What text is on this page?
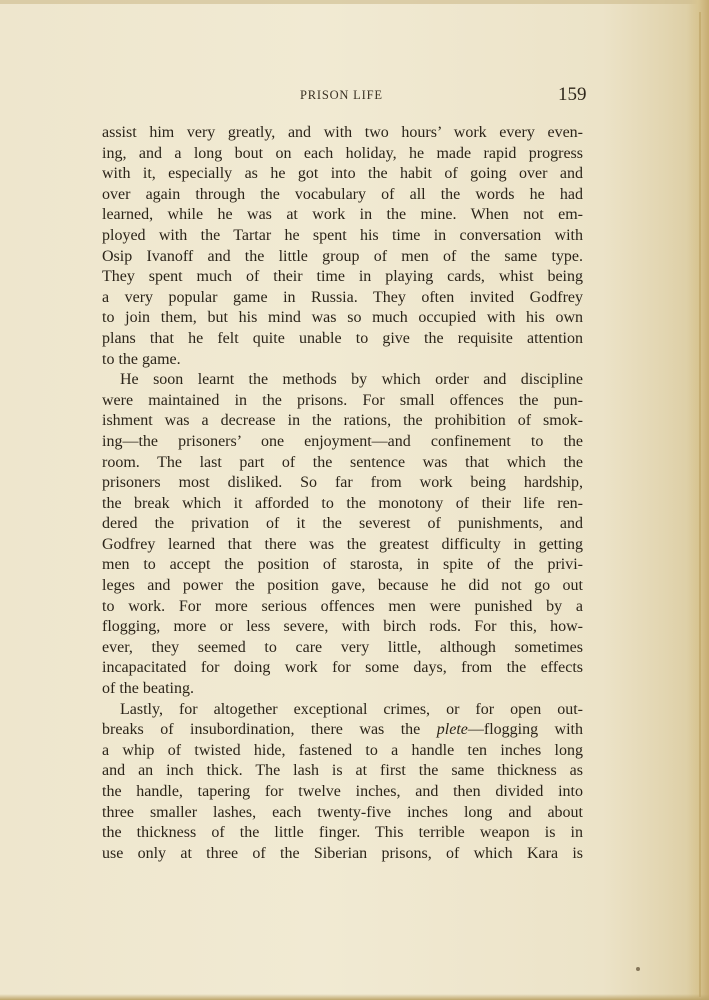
PRISON LIFE	159
assist him very greatly, and with two hours’ work every even-
ing, and a long bout on each holiday, he made rapid progress
with it, especially as he got into the habit of going over and
over again through the vocabulary of all the words he had
learned, while he was at work in the mine. When not em-
ployed with the Tartar he spent his time in conversation with
Osip Ivanoff and the little group of men of the same type.
They spent much of their time in playing cards, whist being
a very popular game in Russia. They often invited Godfrey
to join them, but his mind was so much occupied with his own
plans that he felt quite unable to give the requisite attention
to the game.
He soon learnt the methods by which order and discipline
were maintained in the prisons. For small offences the pun-
ishment was a decrease in the rations, the prohibition of smok-
ing—the prisoners’ one enjoyment—and confinement to the
room. The last part of the sentence was that which the
prisoners most disliked. So far from work being hardship,
the break which it afforded to the monotony of their life ren-
dered the privation of it the severest of punishments, and
Godfrey learned that there was the greatest difficulty in getting
men to accept the position of starosta, in spite of the privi-
leges and power the position gave, because he did not go out
to work. For more serious offences men were punished by a
flogging, more or less severe, with birch rods. For this, how-
ever, they seemed to care very little, although sometimes
incapacitated for doing work for some days, from the effects
of the beating.
Lastly, for altogether exceptional crimes, or for open out-
breaks of insubordination, there was the plete—flogging with
a whip of twisted hide, fastened to a handle ten inches long
and an inch thick. The lash is at first the same thickness as
the handle, tapering for twelve inches, and then divided into
three smaller lashes, each twenty-five inches long and about
the thickness of the little finger. This terrible weapon is in
use only at three of the Siberian prisons, of which Kara is
